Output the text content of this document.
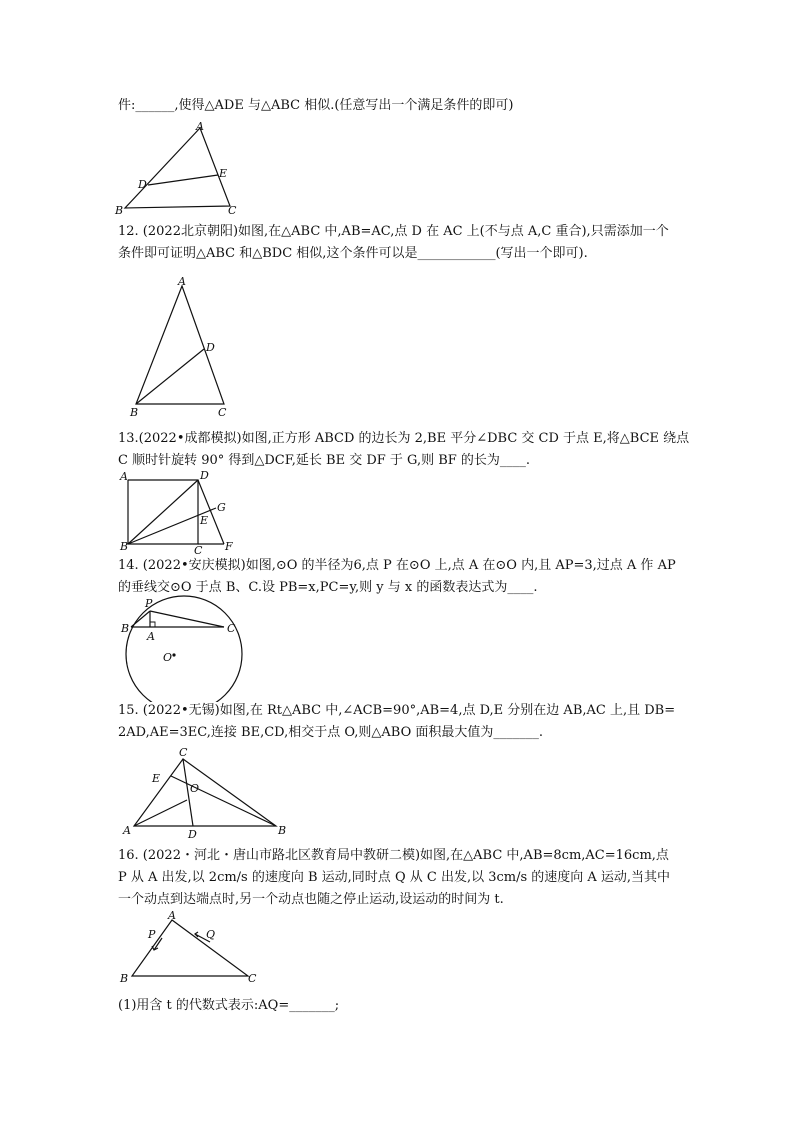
件:______,使得△ADE 与△ABC 相似.(任意写出一个满足条件的即可)
A
B	C
D
E
12. (2022北京朝阳)如图,在△ABC 中,AB=AC,点 D 在 AC 上(不与点 A,C 重合),只需添加一个
条件即可证明△ABC 和△BDC 相似,这个条件可以是____________(写出一个即可).
A
B	C
D
13.(2022•成都模拟)如图,正方形 ABCD 的边长为 2,BE 平分∠DBC 交 CD 于点 E,将△BCE 绕点
C 顺时针旋转 90° 得到△DCF,延长 BE 交 DF 于 G,则 BF 的长为____.
A	D
B	C
E
G
F
14. (2022•安庆模拟)如图,⊙O 的半径为6,点 P 在⊙O 上,点 A 在⊙O 内,且 AP=3,过点 A 作 AP
的垂线交⊙O 于点 B、C.设 PB=x,PC=y,则 y 与 x 的函数表达式为____.
P
B
A
C
O
15. (2022•无锡)如图,在 Rt△ABC 中,∠ACB=90°,AB=4,点 D,E 分别在边 AB,AC 上,且 DB=
2AD,AE=3EC,连接 BE,CD,相交于点 O,则△ABO 面积最大值为_______.
C
E
O
A	D	B
16. (2022・河北・唐山市路北区教育局中教研二模)如图,在△ABC 中,AB=8cm,AC=16cm,点
P 从 A 出发,以 2cm/s 的速度向 B 运动,同时点 Q 从 C 出发,以 3cm/s 的速度向 A 运动,当其中
一个动点到达端点时,另一个动点也随之停止运动,设运动的时间为 t.
A
P	Q
B	C
(1)用含 t 的代数式表示:AQ=_______;
